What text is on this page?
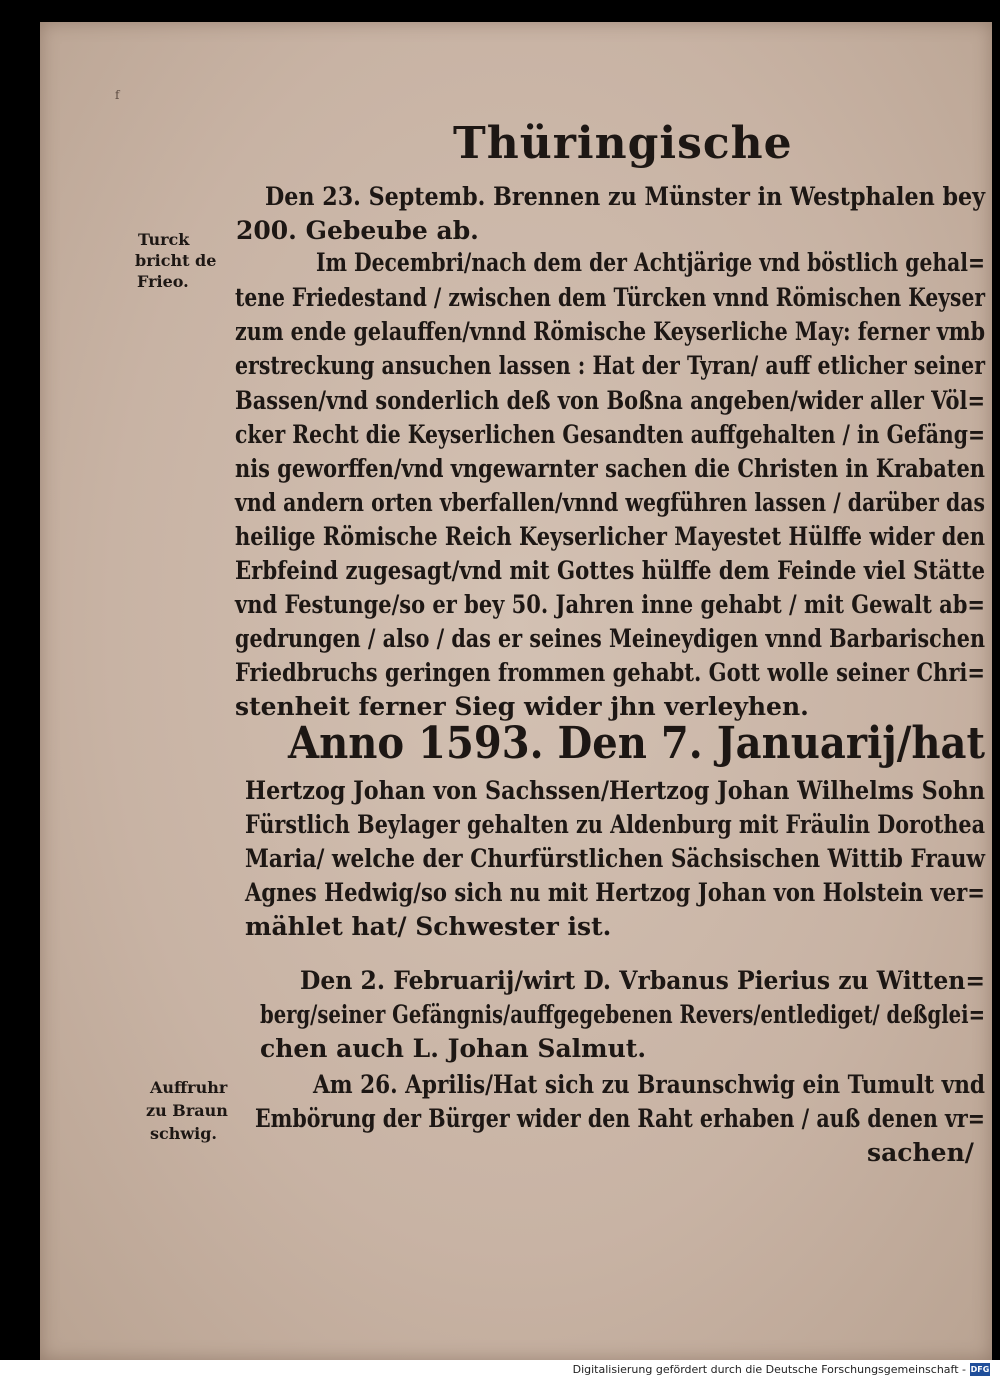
f
Thüringische
Turck
bricht de
Frieo.
Auffruhr
zu Braun
schwig.
Den 23. Septemb. Brennen zu Münster in Westphalen bey
200. Gebeube ab.
Im Decembri/nach dem der Achtjärige vnd böstlich gehal=
tene Friedestand / zwischen dem Türcken vnnd Römischen Keyser
zum ende gelauffen/vnnd Römische Keyserliche May: ferner vmb
erstreckung ansuchen lassen : Hat der Tyran/ auff etlicher seiner
Bassen/vnd sonderlich deß von Boßna angeben/wider aller Völ=
cker Recht die Keyserlichen Gesandten auffgehalten / in Gefäng=
nis geworffen/vnd vngewarnter sachen die Christen in Krabaten
vnd andern orten vberfallen/vnnd wegführen lassen / darüber das
heilige Römische Reich Keyserlicher Mayestet Hülffe wider den
Erbfeind zugesagt/vnd mit Gottes hülffe dem Feinde viel Stätte
vnd Festunge/so er bey 50. Jahren inne gehabt / mit Gewalt ab=
gedrungen / also / das er seines Meineydigen vnnd Barbarischen
Friedbruchs geringen frommen gehabt. Gott wolle seiner Chri=
stenheit ferner Sieg wider jhn verleyhen.
Anno 1593. Den 7. Januarij/hat
Hertzog Johan von Sachssen/Hertzog Johan Wilhelms Sohn
Fürstlich Beylager gehalten zu Aldenburg mit Fräulin Dorothea
Maria/ welche der Churfürstlichen Sächsischen Wittib Frauw
Agnes Hedwig/so sich nu mit Hertzog Johan von Holstein ver=
mählet hat/ Schwester ist.
Den 2. Februarij/wirt D. Vrbanus Pierius zu Witten=
berg/seiner Gefängnis/auffgegebenen Revers/entlediget/ deßglei=
chen auch L. Johan Salmut.
Am 26. Aprilis/Hat sich zu Braunschwig ein Tumult vnd
Embörung der Bürger wider den Raht erhaben / auß denen vr=
sachen/
Digitalisierung gefördert durch die Deutsche Forschungsgemeinschaft - DFG
